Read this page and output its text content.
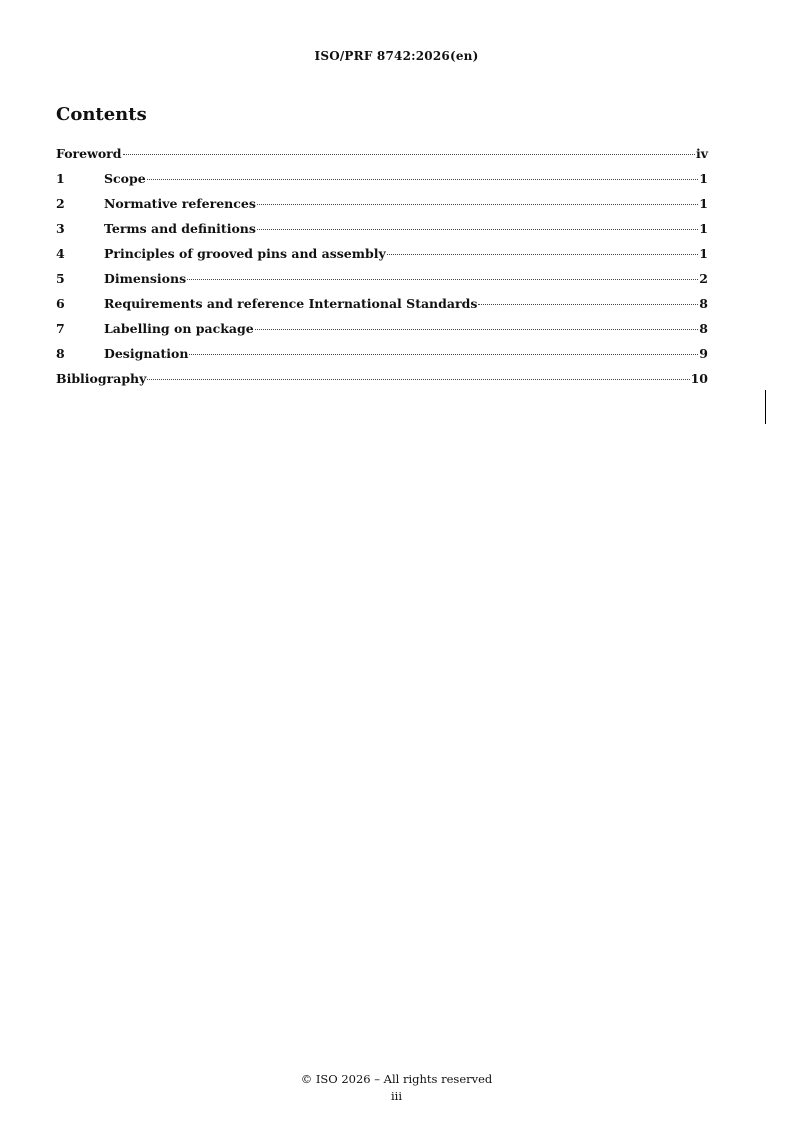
ISO/PRF 8742:2026(en)
Contents
Foreword	iv
1	Scope	1
2	Normative references	1
3	Terms and definitions	1
4	Principles of grooved pins and assembly	1
5	Dimensions	2
6	Requirements and reference International Standards	8
7	Labelling on package	8
8	Designation	9
Bibliography	10
© ISO 2026 – All rights reserved
iii
